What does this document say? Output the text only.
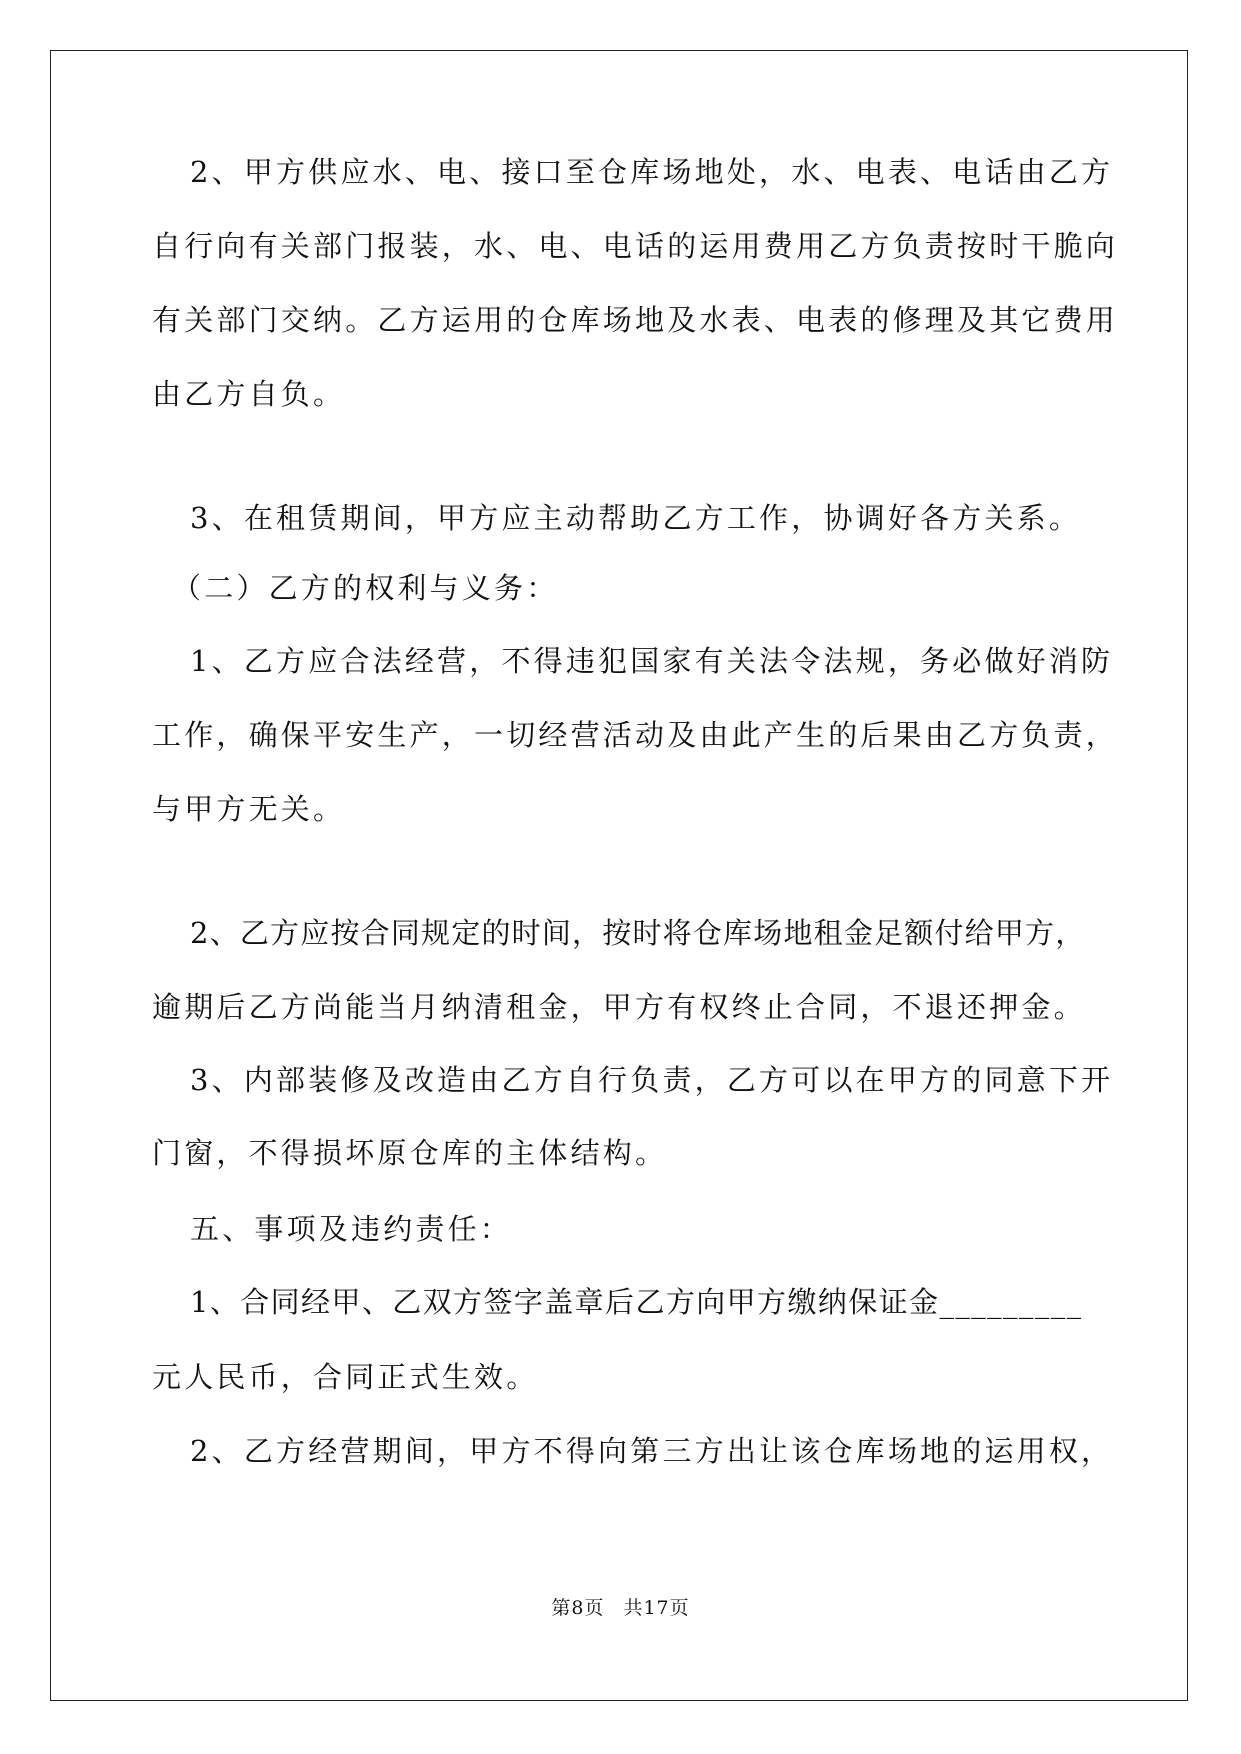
2、甲方供应水、电、接口至仓库场地处，水、电表、电话由乙方
自行向有关部门报装，水、电、电话的运用费用乙方负责按时干脆向
有关部门交纳。乙方运用的仓库场地及水表、电表的修理及其它费用
由乙方自负。
3、在租赁期间，甲方应主动帮助乙方工作，协调好各方关系。
（二）乙方的权利与义务：
1、乙方应合法经营，不得违犯国家有关法令法规，务必做好消防
工作，确保平安生产，一切经营活动及由此产生的后果由乙方负责，
与甲方无关。
2、乙方应按合同规定的时间，按时将仓库场地租金足额付给甲方，
逾期后乙方尚能当月纳清租金，甲方有权终止合同，不退还押金。
3、内部装修及改造由乙方自行负责，乙方可以在甲方的同意下开
门窗，不得损坏原仓库的主体结构。
五、事项及违约责任：
1、合同经甲、乙双方签字盖章后乙方向甲方缴纳保证金_________
元人民币，合同正式生效。
2、乙方经营期间，甲方不得向第三方出让该仓库场地的运用权，
第8页 共17页
